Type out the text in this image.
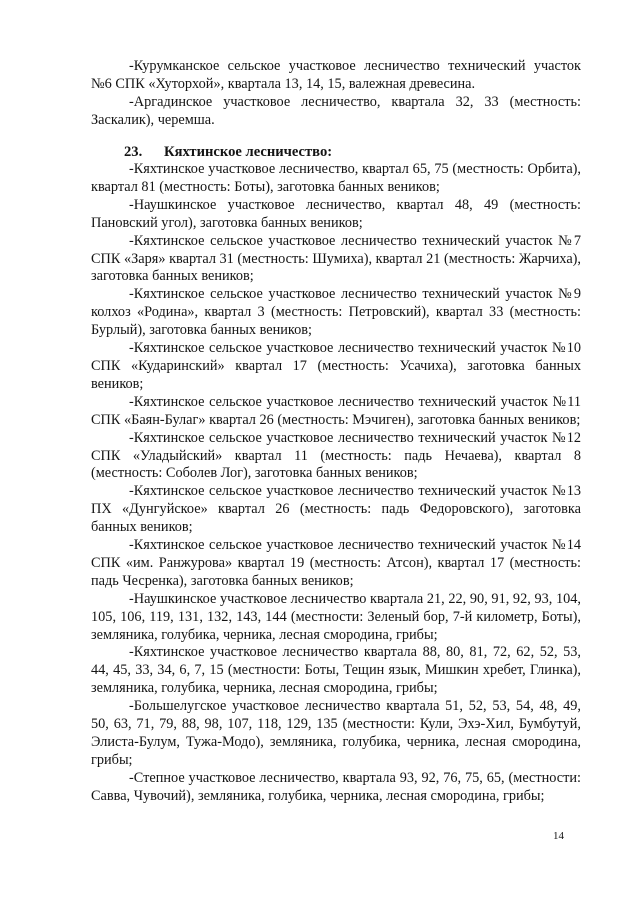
-Курумканское сельское участковое лесничество технический участок №6 СПК «Хуторхой», квартала 13, 14, 15, валежная древесина.

-Аргадинское участковое лесничество, квартала 32, 33 (местность: Заскалик), черемша.

23. Кяхтинское лесничество:

-Кяхтинское участковое лесничество, квартал 65, 75 (местность: Орбита), квартал 81 (местность: Боты), заготовка банных веников;

-Наушкинское участковое лесничество, квартал 48, 49 (местность: Пановский угол), заготовка банных веников;

-Кяхтинское сельское участковое лесничество технический участок №7 СПК «Заря» квартал 31 (местность: Шумиха), квартал 21 (местность: Жарчиха), заготовка банных веников;

-Кяхтинское сельское участковое лесничество технический участок №9 колхоз «Родина», квартал 3 (местность: Петровский), квартал 33 (местность: Бурлый), заготовка банных веников;

-Кяхтинское сельское участковое лесничество технический участок №10 СПК «Кударинский» квартал 17 (местность: Усачиха), заготовка банных веников;

-Кяхтинское сельское участковое лесничество технический участок №11 СПК «Баян-Булаг» квартал 26 (местность: Мэчиген), заготовка банных веников;

-Кяхтинское сельское участковое лесничество технический участок №12 СПК «Уладыйский» квартал 11 (местность: падь Нечаева), квартал 8 (местность: Соболев Лог), заготовка банных веников;

-Кяхтинское сельское участковое лесничество технический участок №13 ПХ «Дунгуйское» квартал 26 (местность: падь Федоровского), заготовка банных веников;

-Кяхтинское сельское участковое лесничество технический участок №14 СПК «им. Ранжурова» квартал 19 (местность: Атсон), квартал 17 (местность: падь Чесренка), заготовка банных веников;

-Наушкинское участковое лесничество квартала 21, 22, 90, 91, 92, 93, 104, 105, 106, 119, 131, 132, 143, 144 (местности: Зеленый бор, 7-й километр, Боты), земляника, голубика, черника, лесная смородина, грибы;

-Кяхтинское участковое лесничество квартала 88, 80, 81, 72, 62, 52, 53, 44, 45, 33, 34, 6, 7, 15 (местности: Боты, Тещин язык, Мишкин хребет, Глинка), земляника, голубика, черника, лесная смородина, грибы;

-Большелугское участковое лесничество квартала 51, 52, 53, 54, 48, 49, 50, 63, 71, 79, 88, 98, 107, 118, 129, 135 (местности: Кули, Эхэ-Хил, Бумбутуй, Элиста-Булум, Тужа-Модо), земляника, голубика, черника, лесная смородина, грибы;

-Степное участковое лесничество, квартала 93, 92, 76, 75, 65, (местности: Савва, Чувочий), земляника, голубика, черника, лесная смородина, грибы;

14
